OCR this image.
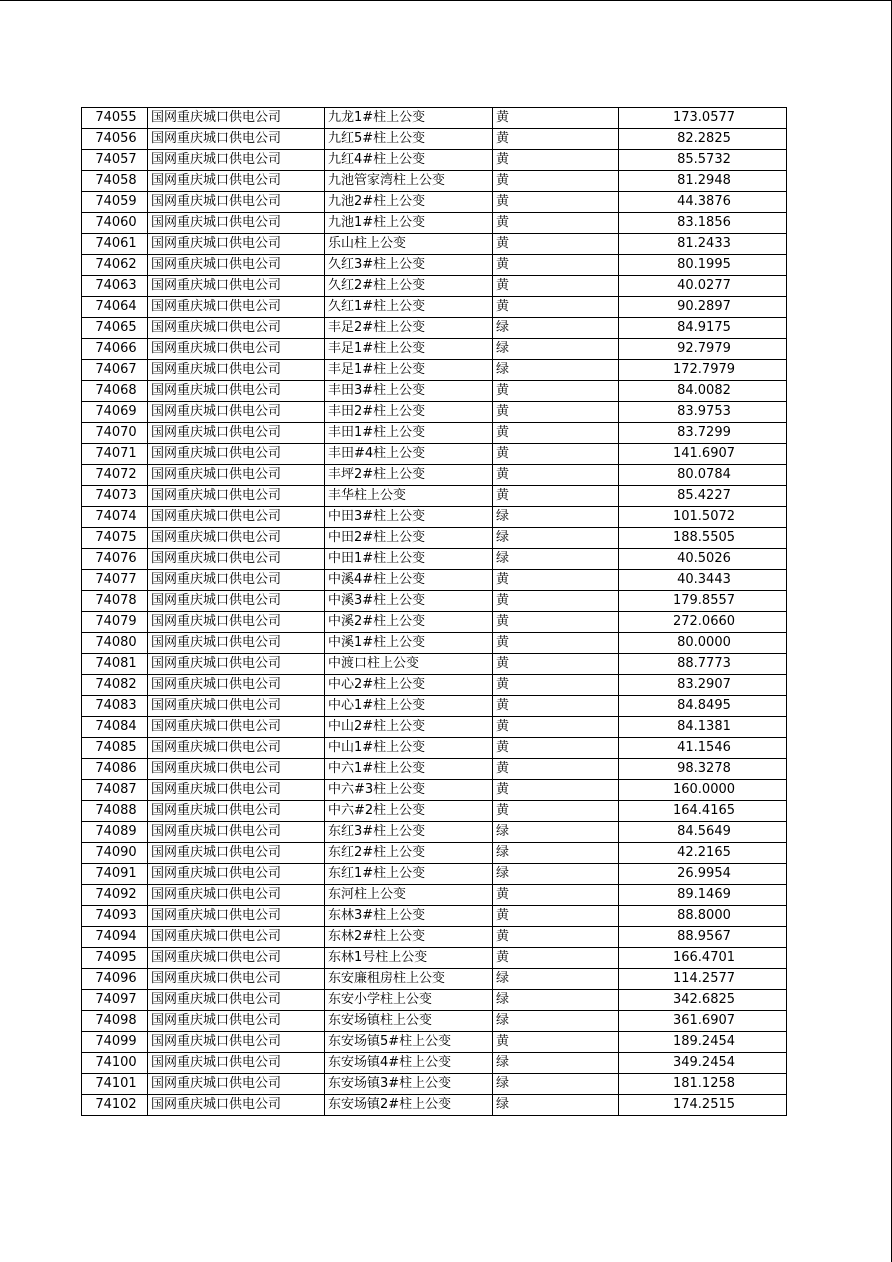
74055	国网重庆城口供电公司	九龙1#柱上公变	黄	173.0577
74056	国网重庆城口供电公司	九红5#柱上公变	黄	82.2825
74057	国网重庆城口供电公司	九红4#柱上公变	黄	85.5732
74058	国网重庆城口供电公司	九池管家湾柱上公变	黄	81.2948
74059	国网重庆城口供电公司	九池2#柱上公变	黄	44.3876
74060	国网重庆城口供电公司	九池1#柱上公变	黄	83.1856
74061	国网重庆城口供电公司	乐山柱上公变	黄	81.2433
74062	国网重庆城口供电公司	久红3#柱上公变	黄	80.1995
74063	国网重庆城口供电公司	久红2#柱上公变	黄	40.0277
74064	国网重庆城口供电公司	久红1#柱上公变	黄	90.2897
74065	国网重庆城口供电公司	丰足2#柱上公变	绿	84.9175
74066	国网重庆城口供电公司	丰足1#柱上公变	绿	92.7979
74067	国网重庆城口供电公司	丰足1#柱上公变	绿	172.7979
74068	国网重庆城口供电公司	丰田3#柱上公变	黄	84.0082
74069	国网重庆城口供电公司	丰田2#柱上公变	黄	83.9753
74070	国网重庆城口供电公司	丰田1#柱上公变	黄	83.7299
74071	国网重庆城口供电公司	丰田#4柱上公变	黄	141.6907
74072	国网重庆城口供电公司	丰坪2#柱上公变	黄	80.0784
74073	国网重庆城口供电公司	丰华柱上公变	黄	85.4227
74074	国网重庆城口供电公司	中田3#柱上公变	绿	101.5072
74075	国网重庆城口供电公司	中田2#柱上公变	绿	188.5505
74076	国网重庆城口供电公司	中田1#柱上公变	绿	40.5026
74077	国网重庆城口供电公司	中溪4#柱上公变	黄	40.3443
74078	国网重庆城口供电公司	中溪3#柱上公变	黄	179.8557
74079	国网重庆城口供电公司	中溪2#柱上公变	黄	272.0660
74080	国网重庆城口供电公司	中溪1#柱上公变	黄	80.0000
74081	国网重庆城口供电公司	中渡口柱上公变	黄	88.7773
74082	国网重庆城口供电公司	中心2#柱上公变	黄	83.2907
74083	国网重庆城口供电公司	中心1#柱上公变	黄	84.8495
74084	国网重庆城口供电公司	中山2#柱上公变	黄	84.1381
74085	国网重庆城口供电公司	中山1#柱上公变	黄	41.1546
74086	国网重庆城口供电公司	中六1#柱上公变	黄	98.3278
74087	国网重庆城口供电公司	中六#3柱上公变	黄	160.0000
74088	国网重庆城口供电公司	中六#2柱上公变	黄	164.4165
74089	国网重庆城口供电公司	东红3#柱上公变	绿	84.5649
74090	国网重庆城口供电公司	东红2#柱上公变	绿	42.2165
74091	国网重庆城口供电公司	东红1#柱上公变	绿	26.9954
74092	国网重庆城口供电公司	东河柱上公变	黄	89.1469
74093	国网重庆城口供电公司	东林3#柱上公变	黄	88.8000
74094	国网重庆城口供电公司	东林2#柱上公变	黄	88.9567
74095	国网重庆城口供电公司	东林1号柱上公变	黄	166.4701
74096	国网重庆城口供电公司	东安廉租房柱上公变	绿	114.2577
74097	国网重庆城口供电公司	东安小学柱上公变	绿	342.6825
74098	国网重庆城口供电公司	东安场镇柱上公变	绿	361.6907
74099	国网重庆城口供电公司	东安场镇5#柱上公变	黄	189.2454
74100	国网重庆城口供电公司	东安场镇4#柱上公变	绿	349.2454
74101	国网重庆城口供电公司	东安场镇3#柱上公变	绿	181.1258
74102	国网重庆城口供电公司	东安场镇2#柱上公变	绿	174.2515
